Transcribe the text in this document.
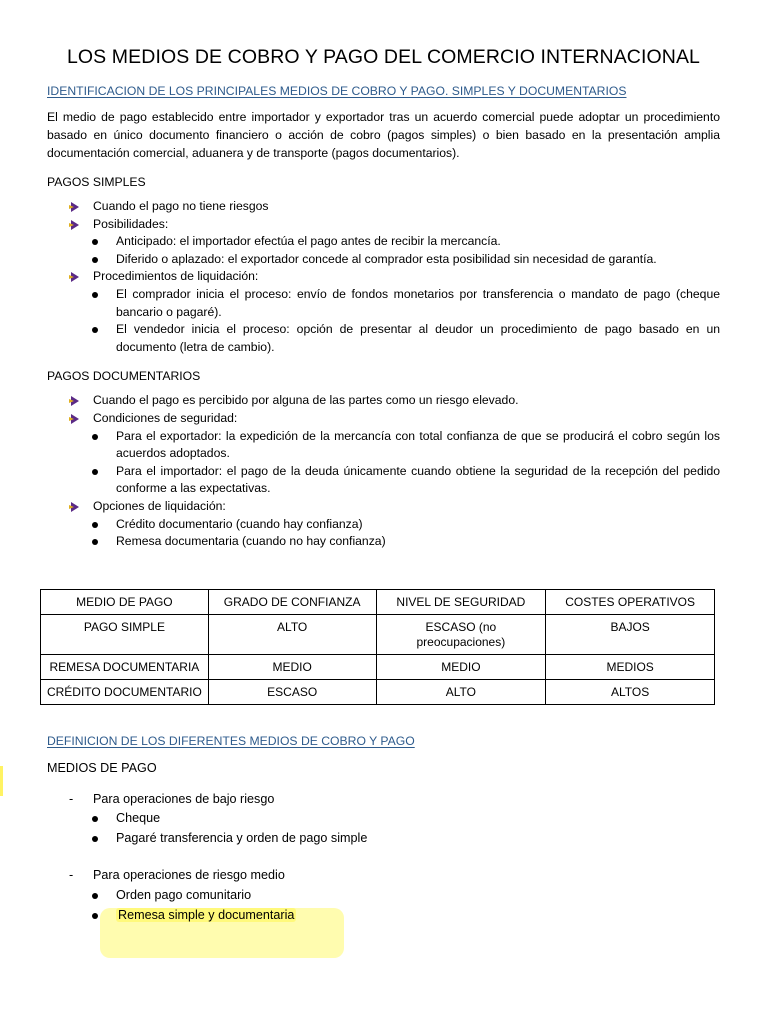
LOS MEDIOS DE COBRO Y PAGO DEL COMERCIO INTERNACIONAL
IDENTIFICACION DE LOS PRINCIPALES MEDIOS DE COBRO Y PAGO. SIMPLES Y DOCUMENTARIOS

El medio de pago establecido entre importador y exportador tras un acuerdo comercial puede adoptar un procedimiento basado en único documento financiero o acción de cobro (pagos simples) o bien basado en la presentación amplia documentación comercial, aduanera y de transporte (pagos documentarios).

PAGOS SIMPLES
Cuando el pago no tiene riesgos
Posibilidades:
Anticipado: el importador efectúa el pago antes de recibir la mercancía.
Diferido o aplazado: el exportador concede al comprador esta posibilidad sin necesidad de garantía.
Procedimientos de liquidación:
El comprador inicia el proceso: envío de fondos monetarios por transferencia o mandato de pago (cheque bancario o pagaré).
El vendedor inicia el proceso: opción de presentar al deudor un procedimiento de pago basado en un documento (letra de cambio).
PAGOS DOCUMENTARIOS
Cuando el pago es percibido por alguna de las partes como un riesgo elevado.
Condiciones de seguridad:
Para el exportador: la expedición de la mercancía con total confianza de que se producirá el cobro según los acuerdos adoptados.
Para el importador: el pago de la deuda únicamente cuando obtiene la seguridad de la recepción del pedido conforme a las expectativas.
Opciones de liquidación:
Crédito documentario (cuando hay confianza)
Remesa documentaria (cuando no hay confianza)
MEDIO DE PAGO	GRADO DE CONFIANZA	NIVEL DE SEGURIDAD	COSTES OPERATIVOS
PAGO SIMPLE	ALTO	ESCASO (no preocupaciones)	BAJOS
REMESA DOCUMENTARIA	MEDIO	MEDIO	MEDIOS
CRÉDITO DOCUMENTARIO	ESCASO	ALTO	ALTOS
DEFINICION DE LOS DIFERENTES MEDIOS DE COBRO Y PAGO
MEDIOS DE PAGO
- Para operaciones de bajo riesgo
Cheque
Pagaré transferencia y orden de pago simple
- Para operaciones de riesgo medio
Orden pago comunitario
Remesa simple y documentaria
